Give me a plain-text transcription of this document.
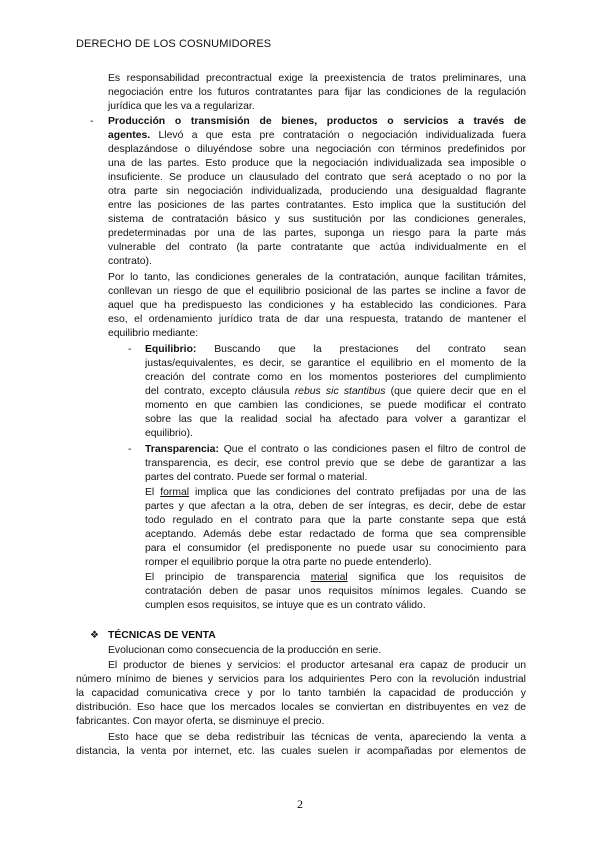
DERECHO DE LOS COSNUMIDORES
Es responsabilidad precontractual exige la preexistencia de tratos preliminares, una
negociación entre los futuros contratantes para fijar las condiciones de la regulación
jurídica que les va a regularizar.
- Producción o transmisión de bienes, productos o servicios a través de
agentes. Llevó a que esta pre contratación o negociación individualizada fuera
desplazándose o diluyéndose sobre una negociación con términos predefinidos por
una de las partes. Esto produce que la negociación individualizada sea imposible o
insuficiente. Se produce un clausulado del contrato que será aceptado o no por la
otra parte sin negociación individualizada, produciendo una desigualdad flagrante
entre las posiciones de las partes contratantes. Esto implica que la sustitución del
sistema de contratación básico y sus sustitución por las condiciones generales,
predeterminadas por una de las partes, suponga un riesgo para la parte más
vulnerable del contrato (la parte contratante que actúa individualmente en el
contrato).
Por lo tanto, las condiciones generales de la contratación, aunque facilitan trámites,
conllevan un riesgo de que el equilibrio posicional de las partes se incline a favor de
aquel que ha predispuesto las condiciones y ha establecido las condiciones. Para
eso, el ordenamiento jurídico trata de dar una respuesta, tratando de mantener el
equilibrio mediante:
- Equilibrio: Buscando que la prestaciones del contrato sean
justas/equivalentes, es decir, se garantice el equilibrio en el momento de la
creación del contrate como en los momentos posteriores del cumplimiento
del contrato, excepto cláusula rebus sic stantibus (que quiere decir que en el
momento en que cambien las condiciones, se puede modificar el contrato
sobre las que la realidad social ha afectado para volver a garantizar el
equilibrio).
- Transparencia: Que el contrato o las condiciones pasen el filtro de control de
transparencia, es decir, ese control previo que se debe de garantizar a las
partes del contrato. Puede ser formal o material.
El formal implica que las condiciones del contrato prefijadas por una de las
partes y que afectan a la otra, deben de ser íntegras, es decir, debe de estar
todo regulado en el contrato para que la parte constante sepa que está
aceptando. Además debe estar redactado de forma que sea comprensible
para el consumidor (el predisponente no puede usar su conocimiento para
romper el equilibrio porque la otra parte no puede entenderlo).
El principio de transparencia material significa que los requisitos de
contratación deben de pasar unos requisitos mínimos legales. Cuando se
cumplen esos requisitos, se intuye que es un contrato válido.
❖ TÉCNICAS DE VENTA
Evolucionan como consecuencia de la producción en serie.
El productor de bienes y servicios: el productor artesanal era capaz de producir un
número mínimo de bienes y servicios para los adquirientes Pero con la revolución industrial
la capacidad comunicativa crece y por lo tanto también la capacidad de producción y
distribución. Eso hace que los mercados locales se conviertan en distribuyentes en vez de
fabricantes. Con mayor oferta, se disminuye el precio.
Esto hace que se deba redistribuir las técnicas de venta, apareciendo la venta a
distancia, la venta por internet, etc. las cuales suelen ir acompañadas por elementos de
2
